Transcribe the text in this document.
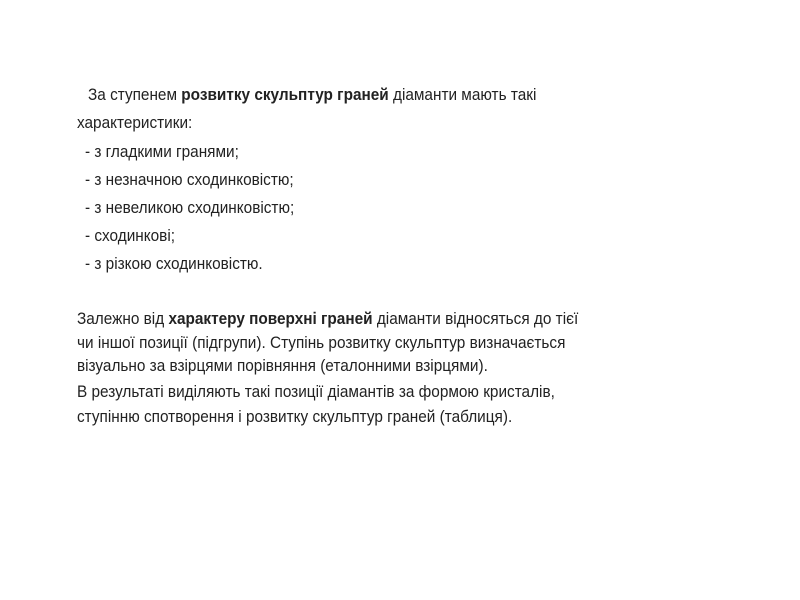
За ступенем розвитку скульптур граней діаманти мають такі
характеристики:
- з гладкими гранями;
- з незначною сходинковістю;
- з невеликою сходинковістю;
- сходинкові;
- з різкою сходинковістю.
Залежно від характеру поверхні граней діаманти відносяться до тієї
чи іншої позиції (підгрупи). Ступінь розвитку скульптур визначається
візуально за взірцями порівняння (еталонними взірцями).
В результаті виділяють такі позиції діамантів за формою кристалів,
ступінню спотворення і розвитку скульптур граней (таблиця).
